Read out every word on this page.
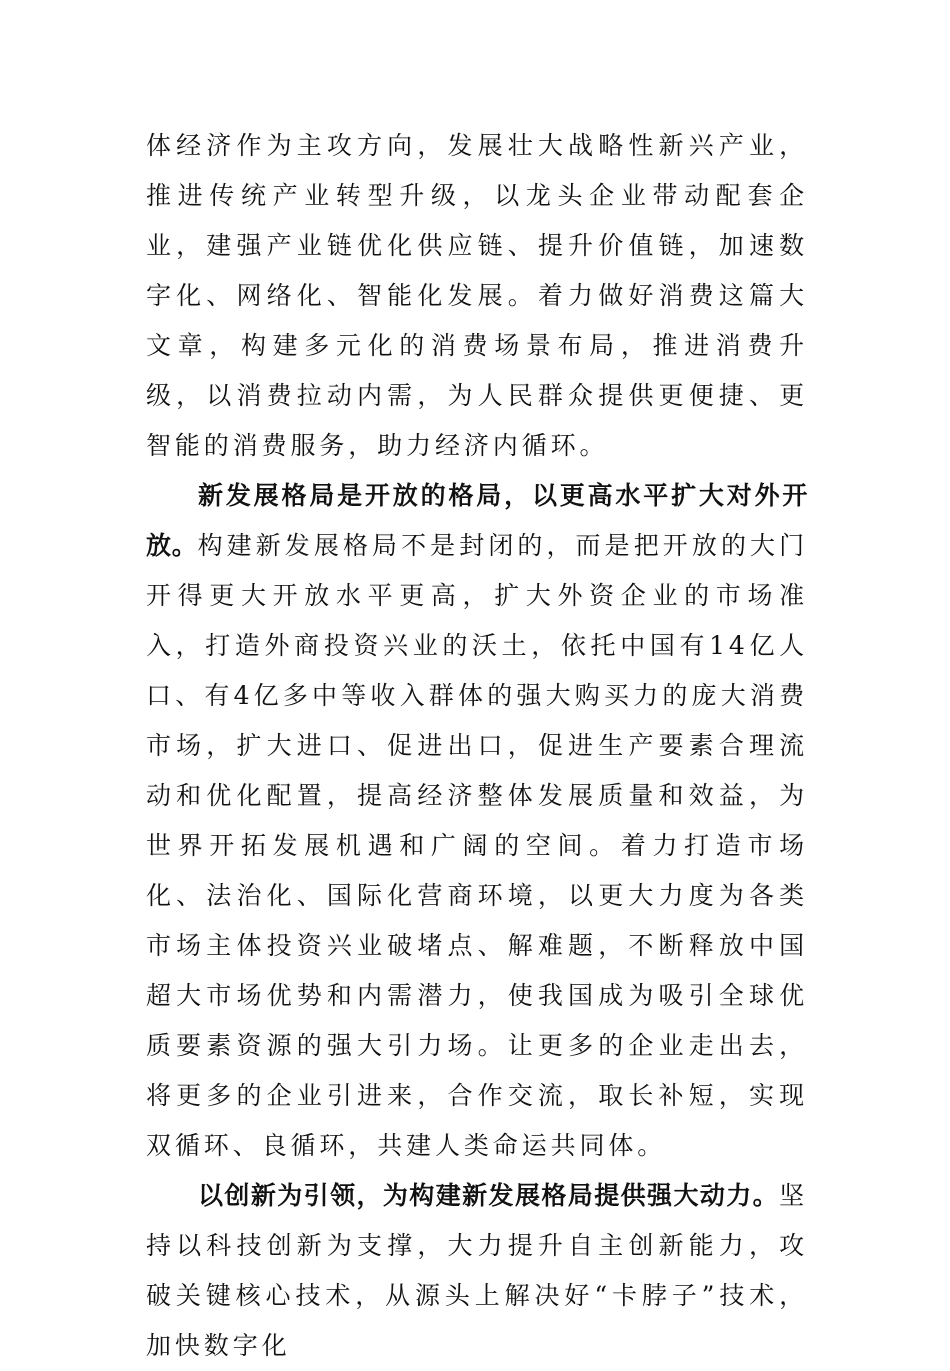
体经济作为主攻方向，发展壮大战略性新兴产业，推进传统产业转型升级，以龙头企业带动配套企业，建强产业链优化供应链、提升价值链，加速数字化、网络化、智能化发展。着力做好消费这篇大文章，构建多元化的消费场景布局，推进消费升级，以消费拉动内需，为人民群众提供更便捷、更智能的消费服务，助力经济内循环。

新发展格局是开放的格局，以更高水平扩大对外开放。构建新发展格局不是封闭的，而是把开放的大门开得更大开放水平更高，扩大外资企业的市场准入，打造外商投资兴业的沃土，依托中国有14亿人口、有4亿多中等收入群体的强大购买力的庞大消费市场，扩大进口、促进出口，促进生产要素合理流动和优化配置，提高经济整体发展质量和效益，为世界开拓发展机遇和广阔的空间。着力打造市场化、法治化、国际化营商环境，以更大力度为各类市场主体投资兴业破堵点、解难题，不断释放中国超大市场优势和内需潜力，使我国成为吸引全球优质要素资源的强大引力场。让更多的企业走出去，将更多的企业引进来，合作交流，取长补短，实现双循环、良循环，共建人类命运共同体。

以创新为引领，为构建新发展格局提供强大动力。坚持以科技创新为支撑，大力提升自主创新能力，攻破关键核心技术，从源头上解决好“卡脖子”技术，加快数字化
